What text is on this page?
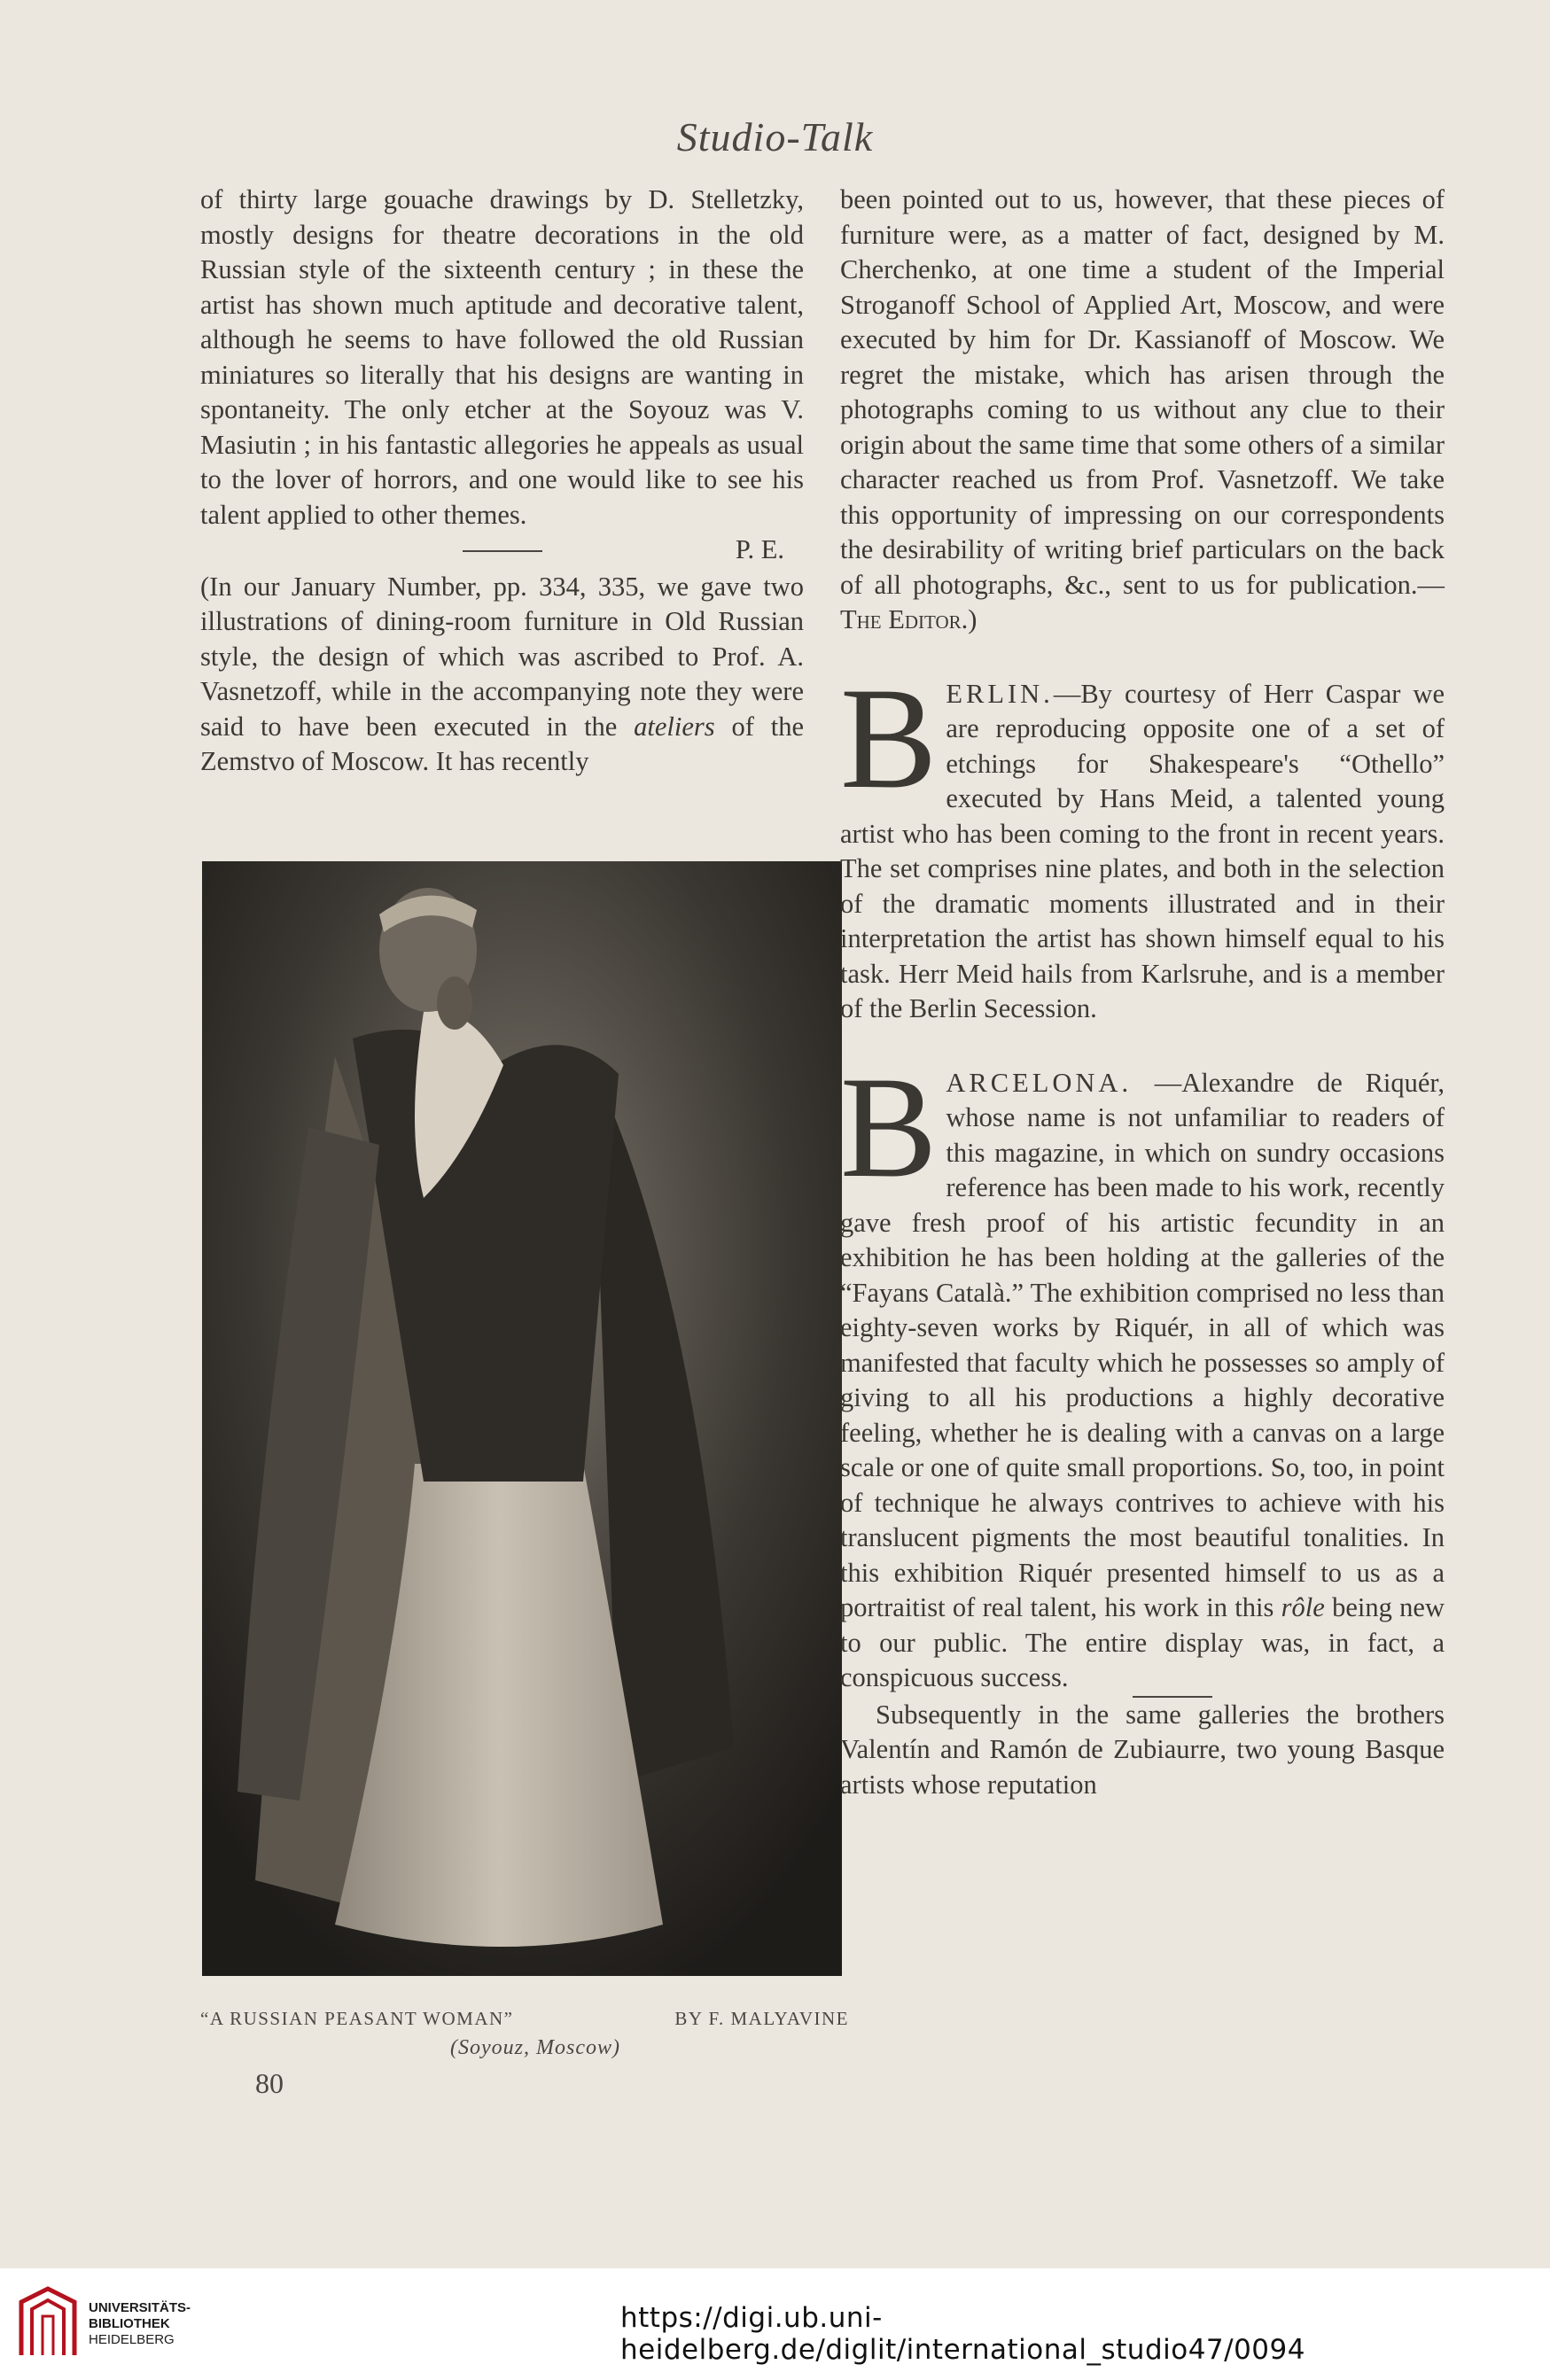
Studio-Talk

of thirty large gouache drawings by D. Stelletzky, mostly designs for theatre decorations in the old Russian style of the sixteenth century ; in these the artist has shown much aptitude and decorative talent, although he seems to have followed the old Russian miniatures so literally that his designs are wanting in spontaneity. The only etcher at the Soyouz was V. Masiutin ; in his fantastic allegories he appeals as usual to the lover of horrors, and one would like to see his talent applied to other themes.

P. E.

(In our January Number, pp. 334, 335, we gave two illustrations of dining-room furniture in Old Russian style, the design of which was ascribed to Prof. A. Vasnetzoff, while in the accompanying note they were said to have been executed in the ateliers of the Zemstvo of Moscow. It has recently

“A RUSSIAN PEASANT WOMAN”	BY F. MALYAVINE
(Soyouz, Moscow)
80

been pointed out to us, however, that these pieces of furniture were, as a matter of fact, designed by M. Cherchenko, at one time a student of the Imperial Stroganoff School of Applied Art, Moscow, and were executed by him for Dr. Kassianoff of Moscow. We regret the mistake, which has arisen through the photographs coming to us without any clue to their origin about the same time that some others of a similar character reached us from Prof. Vasnetzoff. We take this opportunity of impressing on our correspondents the desirability of writing brief particulars on the back of all photographs, &c., sent to us for publication.—The Editor.)

B ERLIN.—By courtesy of Herr Caspar we are reproducing opposite one of a set of etchings for Shakespeare's “Othello” executed by Hans Meid, a talented young artist who has been coming to the front in recent years. The set comprises nine plates, and both in the selection of the dramatic moments illustrated and in their interpretation the artist has shown himself equal to his task. Herr Meid hails from Karlsruhe, and is a member of the Berlin Secession.

B ARCELONA. —Alexandre de Riquér, whose name is not unfamiliar to readers of this magazine, in which on sundry occasions reference has been made to his work, recently gave fresh proof of his artistic fecundity in an exhibition he has been holding at the galleries of the “Fayans Català.” The exhibition comprised no less than eighty-seven works by Riquér, in all of which was manifested that faculty which he possesses so amply of giving to all his productions a highly decorative feeling, whether he is dealing with a canvas on a large scale or one of quite small proportions. So, too, in point of technique he always contrives to achieve with his translucent pigments the most beautiful tonalities. In this exhibition Riquér presented himself to us as a portraitist of real talent, his work in this rôle being new to our public. The entire display was, in fact, a conspicuous success.

Subsequently in the same galleries the brothers Valentín and Ramón de Zubiaurre, two young Basque artists whose reputation

UNIVERSITÄTS-
BIBLIOTHEK
HEIDELBERG
https://digi.ub.uni-heidelberg.de/diglit/international_studio47/0094
